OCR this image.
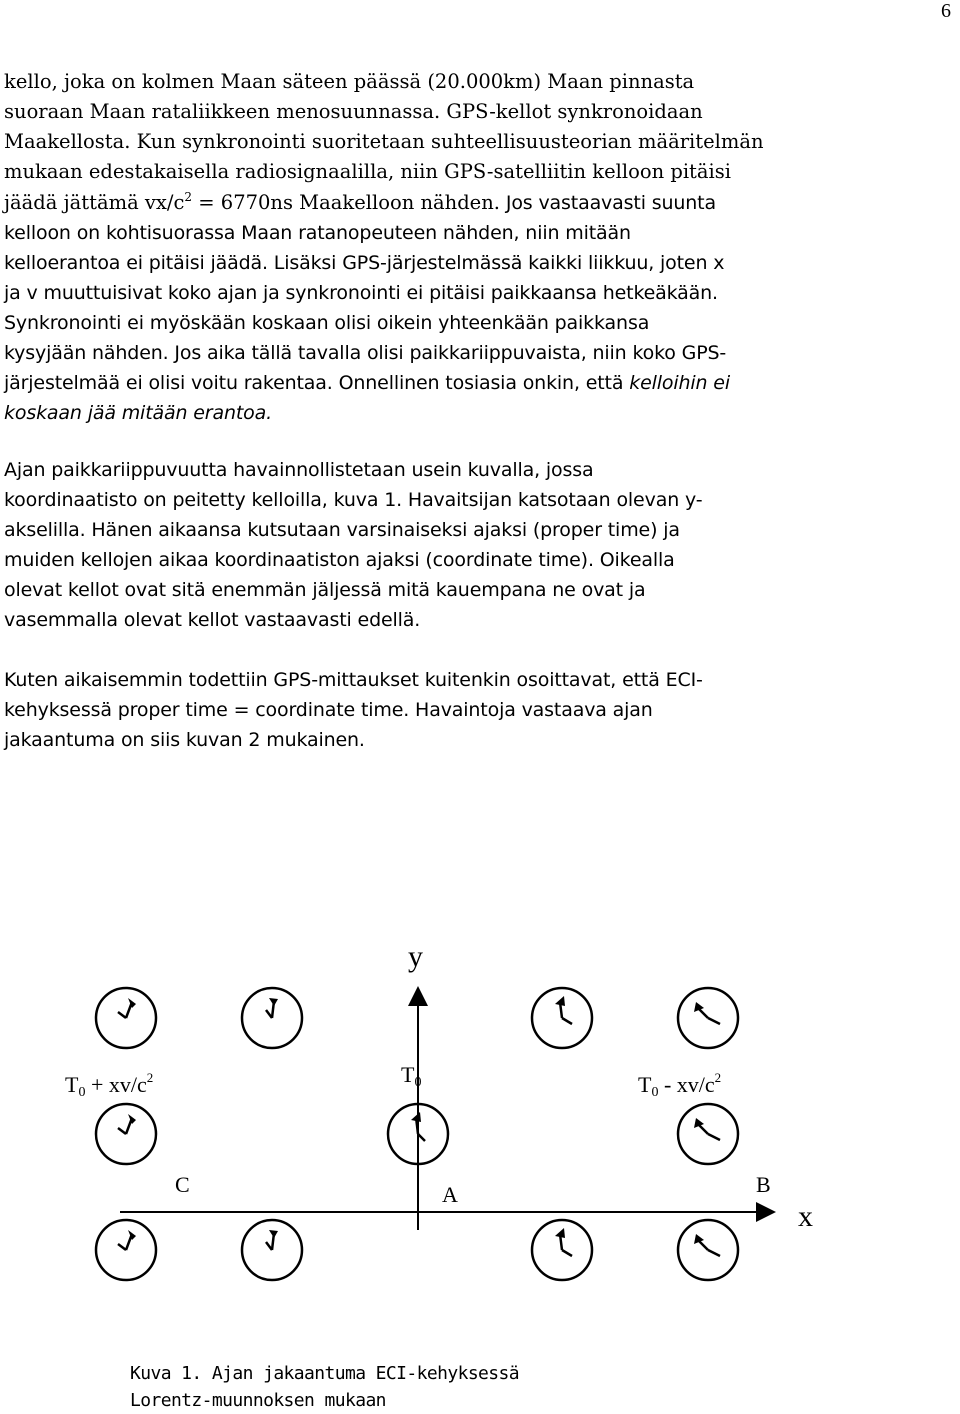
6

kello, joka on kolmen Maan säteen päässä (20.000km) Maan pinnasta
suoraan Maan rataliikkeen menosuunnassa. GPS-kellot synkronoidaan
Maakellosta. Kun synkronointi suoritetaan suhteellisuusteorian määritelmän
mukaan edestakaisella radiosignaalilla, niin GPS-satelliitin kelloon pitäisi
jäädä jättämä $vx/c^2 = 6770ns$ Maakelloon nähden. Jos vastaavasti suunta
kelloon on kohtisuorassa Maan ratanopeuteen nähden, niin mitään
kelloerantoa ei pitäisi jäädä. Lisäksi GPS-järjestelmässä kaikki liikkuu, joten x
ja v muuttuisivat koko ajan ja synkronointi ei pitäisi paikkaansa hetkeäkään.
Synkronointi ei myöskään koskaan olisi oikein yhteenkään paikkansa
kysyjään nähden. Jos aika tällä tavalla olisi paikkariippuvaista, niin koko GPS-
järjestelmää ei olisi voitu rakentaa. Onnellinen tosiasia onkin, että kelloihin ei
koskaan jää mitään erantoa.

Ajan paikkariippuvuutta havainnollistetaan usein kuvalla, jossa
koordinaatisto on peitetty kelloilla, kuva 1. Havaitsijan katsotaan olevan y-
akselilla. Hänen aikaansa kutsutaan varsinaiseksi ajaksi (proper time) ja
muiden kellojen aikaa koordinaatiston ajaksi (coordinate time). Oikealla
olevat kellot ovat sitä enemmän jäljessä mitä kauempana ne ovat ja
vasemmalla olevat kellot vastaavasti edellä.

Kuten aikaisemmin todettiin GPS-mittaukset kuitenkin osoittavat, että ECI-
kehyksessä proper time = coordinate time. Havaintoja vastaava ajan
jakaantuma on siis kuvan 2 mukainen.

y
x
$T0 + xv/c^2$	T0	$T0 - xv/c^2$
C	A	B
Kuva 1. Ajan jakaantuma ECI-kehyksessä
Lorentz-muunnoksen mukaan
